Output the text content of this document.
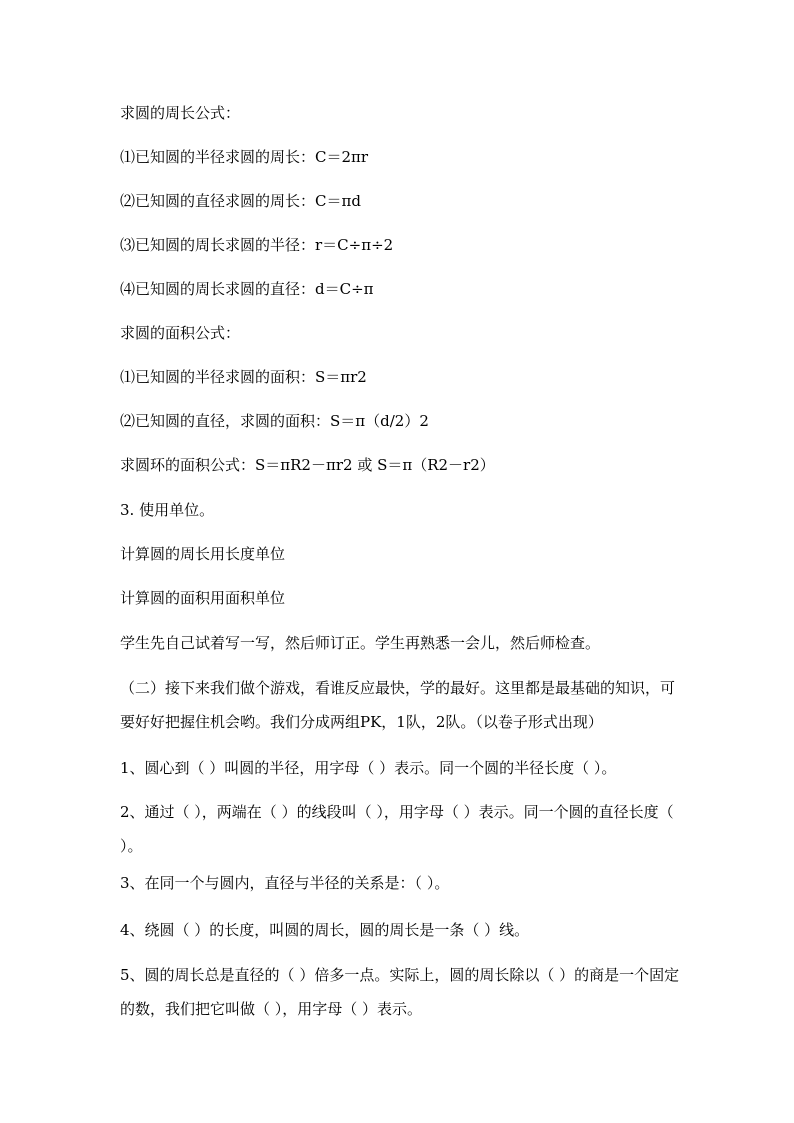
求圆的周长公式：
⑴已知圆的半径求圆的周长：C＝2πr
⑵已知圆的直径求圆的周长：C＝πd
⑶已知圆的周长求圆的半径：r＝C÷π÷2
⑷已知圆的周长求圆的直径：d＝C÷π
求圆的面积公式：
⑴已知圆的半径求圆的面积：S＝πr2
⑵已知圆的直径，求圆的面积：S＝π（d/2）2
求圆环的面积公式：S＝πR2－πr2 或 S＝π（R2－r2）
3. 使用单位。
计算圆的周长用长度单位
计算圆的面积用面积单位
学生先自己试着写一写，然后师订正。学生再熟悉一会儿，然后师检查。
（二）接下来我们做个游戏，看谁反应最快，学的最好。这里都是最基础的知识，可要好好把握住机会哟。我们分成两组PK，1队，2队。（以卷子形式出现）
1、圆心到（ ）叫圆的半径，用字母（ ）表示。同一个圆的半径长度（ ）。
2、通过（ ），两端在（ ）的线段叫（ ），用字母（ ）表示。同一个圆的直径长度（ ）。
3、在同一个与圆内，直径与半径的关系是：（ ）。
4、绕圆（ ）的长度，叫圆的周长，圆的周长是一条（ ）线。
5、圆的周长总是直径的（ ）倍多一点。实际上，圆的周长除以（ ）的商是一个固定的数，我们把它叫做（ ），用字母（ ）表示。
